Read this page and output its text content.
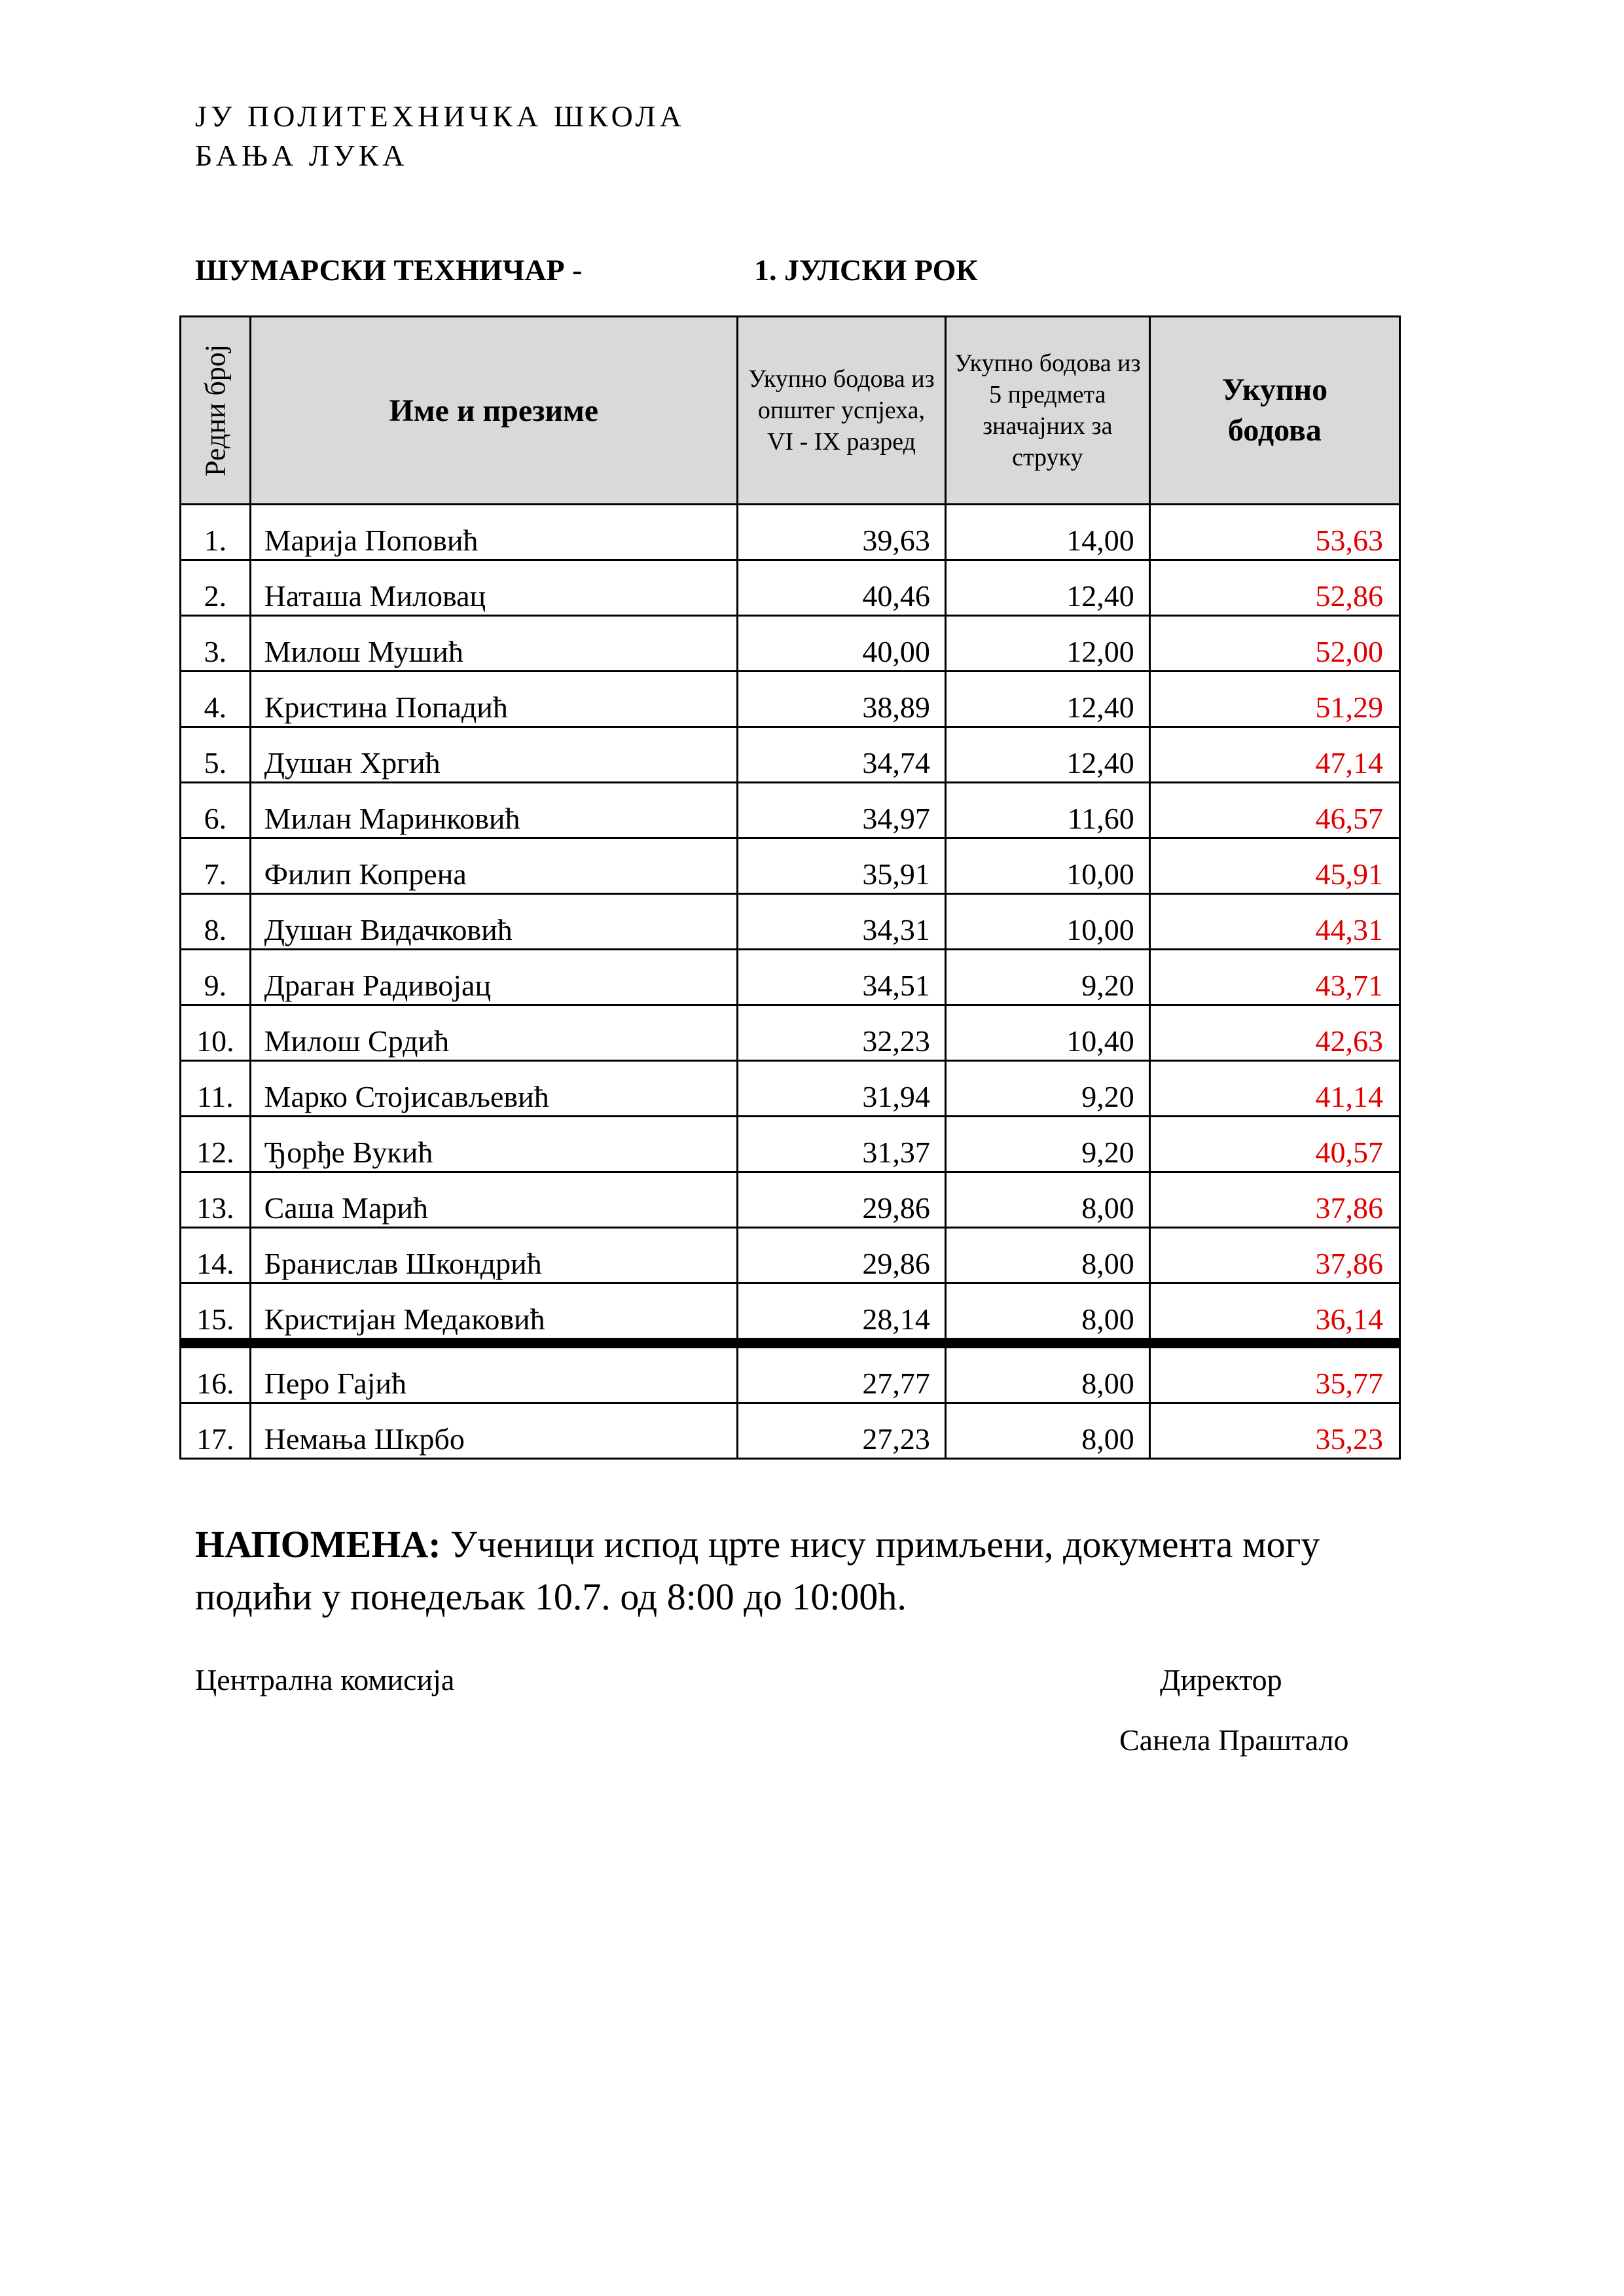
ЈУ ПОЛИТЕХНИЧКА ШКОЛА
БАЊА ЛУКА
ШУМАРСКИ ТЕХНИЧАР -	1. ЈУЛСКИ РОК
Редни број	Име и презиме	Укупно бодова из општег успјеха, VI - IX разред	Укупно бодова из 5 предмета значајних за струку	Укупно бодова
1.	Марија Поповић	39,63	14,00	53,63
2.	Наташа Миловац	40,46	12,40	52,86
3.	Милош Мушић	40,00	12,00	52,00
4.	Кристина Попадић	38,89	12,40	51,29
5.	Душан Хргић	34,74	12,40	47,14
6.	Милан Маринковић	34,97	11,60	46,57
7.	Филип Копрена	35,91	10,00	45,91
8.	Душан Видачковић	34,31	10,00	44,31
9.	Драган Радивојац	34,51	9,20	43,71
10.	Милош Срдић	32,23	10,40	42,63
11.	Марко Стојисављевић	31,94	9,20	41,14
12.	Ђорђе Вукић	31,37	9,20	40,57
13.	Саша Марић	29,86	8,00	37,86
14.	Бранислав Шкондрић	29,86	8,00	37,86
15.	Кристијан Медаковић	28,14	8,00	36,14
16.	Перо Гајић	27,77	8,00	35,77
17.	Немања Шкрбо	27,23	8,00	35,23
НАПОМЕНА: Ученици испод црте нису примљени, документа могу подићи у понедељак 10.7. од 8:00 до 10:00h.
Централна комисија	Директор
Санела Праштало
